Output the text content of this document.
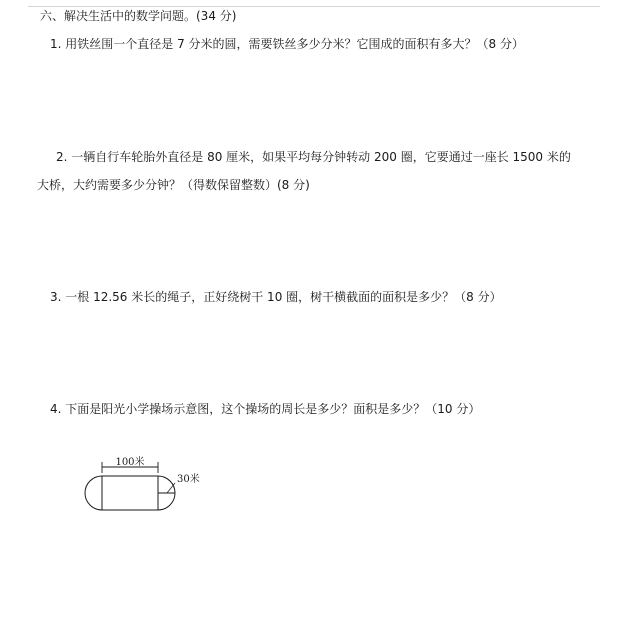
六、解决生活中的数学问题。(34 分)
1. 用铁丝围一个直径是 7 分米的圆，需要铁丝多少分米？它围成的面积有多大？（8 分）
2. 一辆自行车轮胎外直径是 80 厘米，如果平均每分钟转动 200 圈，它要通过一座长 1500 米的
大桥，大约需要多少分钟？（得数保留整数）(8 分)
3. 一根 12.56 米长的绳子，正好绕树干 10 圈，树干横截面的面积是多少？（8 分）
4. 下面是阳光小学操场示意图，这个操场的周长是多少？面积是多少？（10 分）
100米
30米
